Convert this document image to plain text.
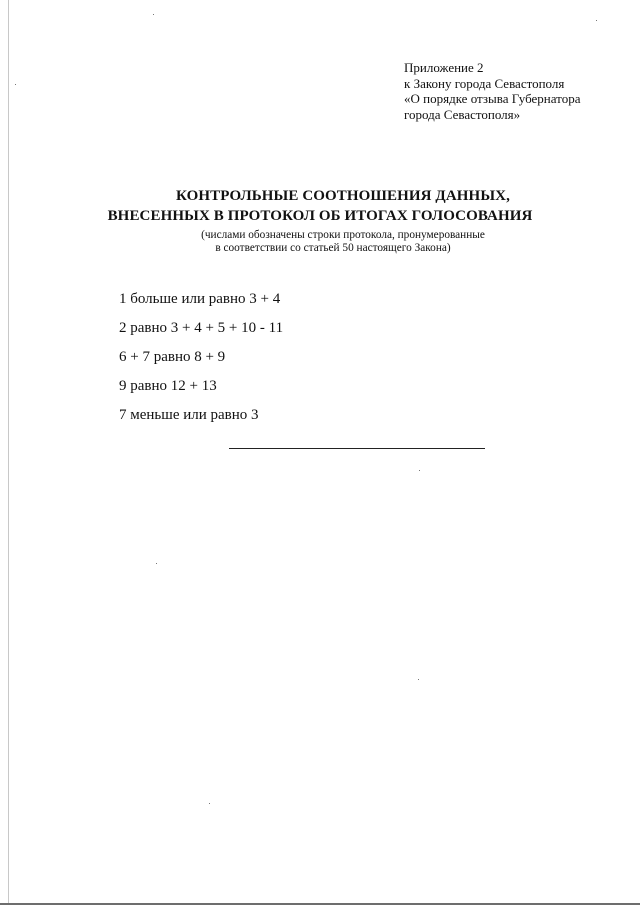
Приложение 2
к Закону города Севастополя
«О порядке отзыва Губернатора
города Севастополя»
КОНТРОЛЬНЫЕ СООТНОШЕНИЯ ДАННЫХ,
ВНЕСЕННЫХ В ПРОТОКОЛ ОБ ИТОГАХ ГОЛОСОВАНИЯ
(числами обозначены строки протокола, пронумерованные
в соответствии со статьей 50 настоящего Закона)
1 больше или равно 3 + 4
2 равно 3 + 4 + 5 + 10 - 11
6 + 7 равно 8 + 9
9 равно 12 + 13
7 меньше или равно 3
